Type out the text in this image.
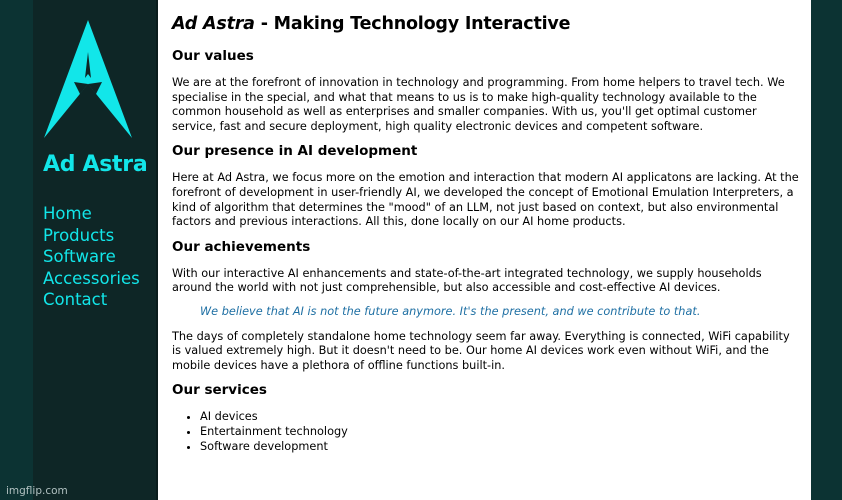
Ad Astra
Home
Products
Software
Accessories
Contact
Ad Astra - Making Technology Interactive
Our values

We are at the forefront of innovation in technology and programming. From home helpers to travel tech. We specialise in the special, and what that means to us is to make high-quality technology available to the common household as well as enterprises and smaller companies. With us, you'll get optimal customer service, fast and secure deployment, high quality electronic devices and competent software.

Our presence in AI development

Here at Ad Astra, we focus more on the emotion and interaction that modern AI applicatons are lacking. At the forefront of development in user-friendly AI, we developed the concept of Emotional Emulation Interpreters, a kind of algorithm that determines the "mood" of an LLM, not just based on context, but also environmental factors and previous interactions. All this, done locally on our AI home products.

Our achievements

With our interactive AI enhancements and state-of-the-art integrated technology, we supply households around the world with not just comprehensible, but also accessible and cost-effective AI devices.

We believe that AI is not the future anymore. It's the present, and we contribute to that.

The days of completely standalone home technology seem far away. Everything is connected, WiFi capability is valued extremely high. But it doesn't need to be. Our home AI devices work even without WiFi, and the mobile devices have a plethora of offline functions built-in.

Our services
• AI devices
• Entertainment technology
• Software development
imgflip.com
